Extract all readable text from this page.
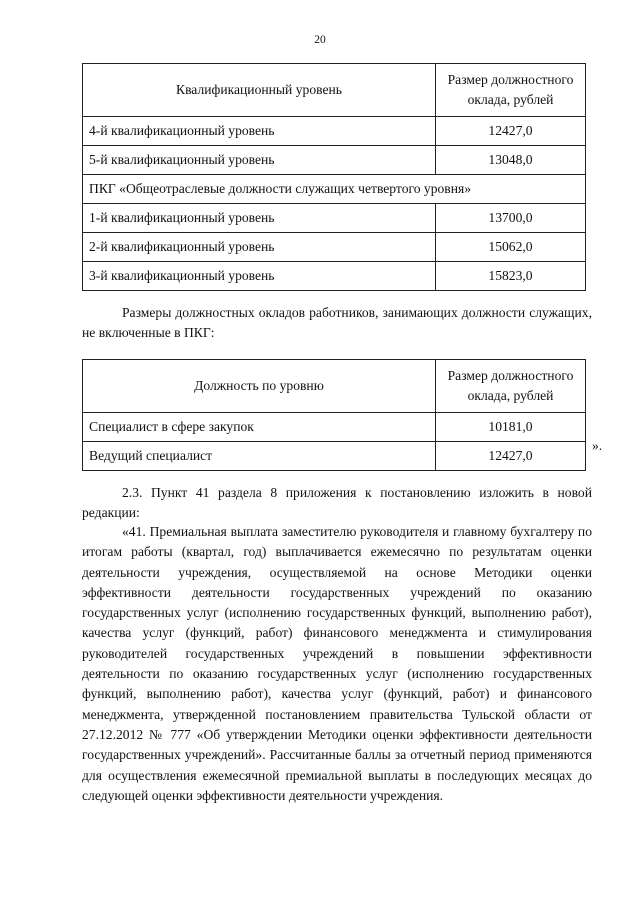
20
Квалификационный уровень	Размер должностного оклада, рублей
4-й квалификационный уровень	12427,0
5-й квалификационный уровень	13048,0
ПКГ «Общеотраслевые должности служащих четвертого уровня»	
1-й квалификационный уровень	13700,0
2-й квалификационный уровень	15062,0
3-й квалификационный уровень	15823,0
Размеры должностных окладов работников, занимающих должности служащих, не включенные в ПКГ:
Должность по уровню	Размер должностного оклада, рублей
Специалист в сфере закупок	10181,0
Ведущий специалист	12427,0
».
2.3. Пункт 41 раздела 8 приложения к постановлению изложить в новой редакции:
«41. Премиальная выплата заместителю руководителя и главному бухгалтеру по итогам работы (квартал, год) выплачивается ежемесячно по результатам оценки деятельности учреждения, осуществляемой на основе Методики оценки эффективности деятельности государственных учреждений по оказанию государственных услуг (исполнению государственных функций, выполнению работ), качества услуг (функций, работ) финансового менеджмента и стимулирования руководителей государственных учреждений в повышении эффективности деятельности по оказанию государственных услуг (исполнению государственных функций, выполнению работ), качества услуг (функций, работ) и финансового менеджмента, утвержденной постановлением правительства Тульской области от 27.12.2012 № 777 «Об утверждении Методики оценки эффективности деятельности государственных учреждений». Рассчитанные баллы за отчетный период применяются для осуществления ежемесячной премиальной выплаты в последующих месяцах до следующей оценки эффективности деятельности учреждения.
